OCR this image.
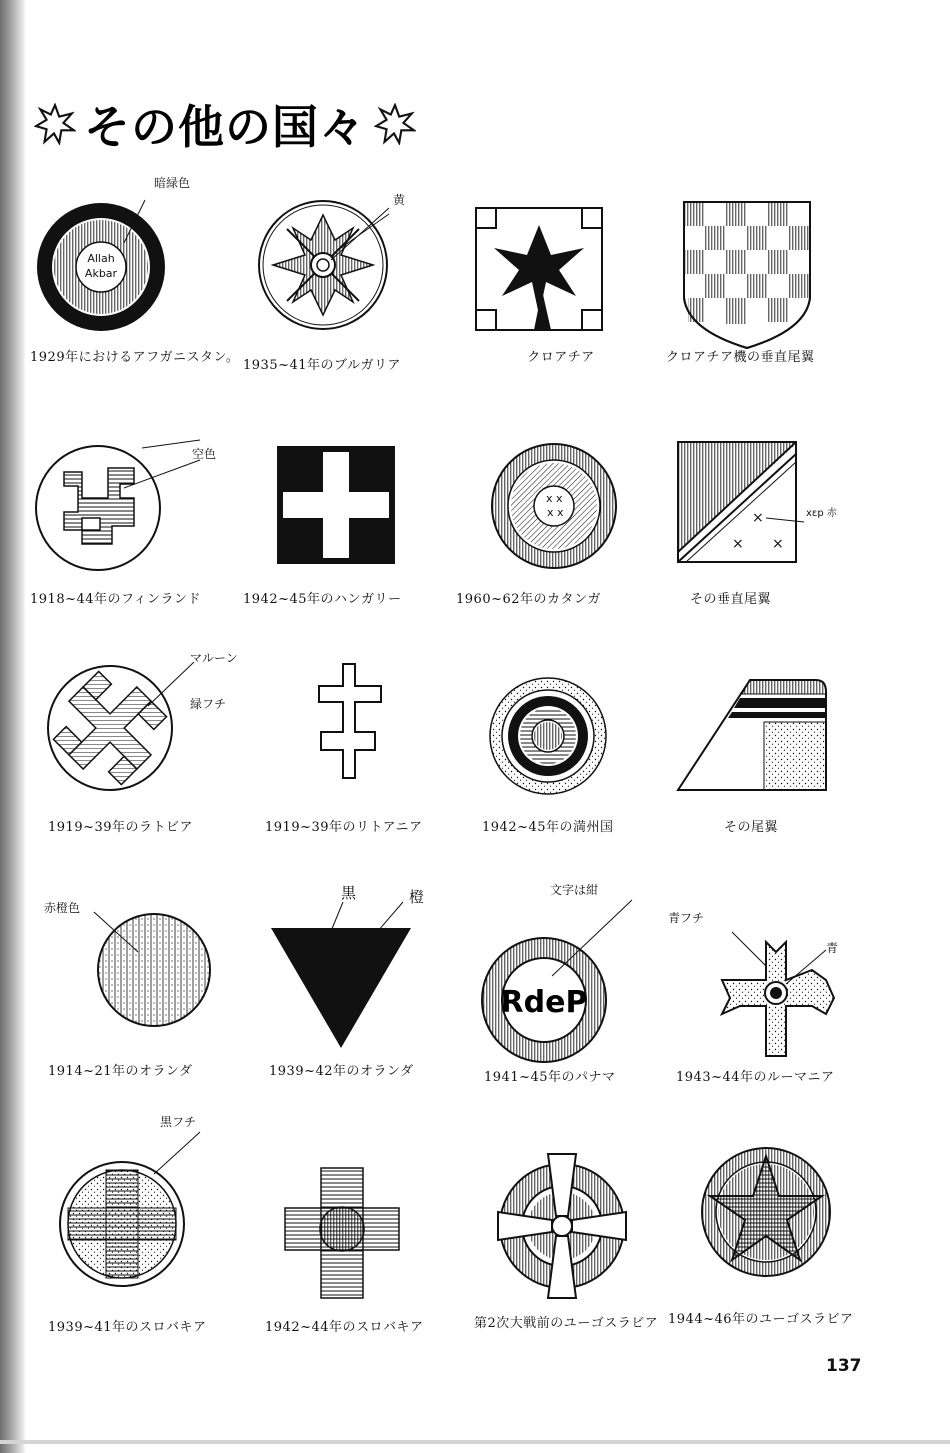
その他の国々
Allah
Akbar
暗緑色
1929年におけるアフガニスタン。
黄
1935~41年のブルガリア
クロアチア	クロアチア機の垂直尾翼
空色
1918~44年のフィンランド	1942~45年のハンガリー
x x
x x
1960~62年のカタンガ
×
× ×
xεp 赤
その垂直尾翼
マルーン
緑フチ
1919~39年のラトビア	1919~39年のリトアニア	1942~45年の満州国	その尾翼
赤橙色
1914~21年のオランダ
黒	橙
1939~42年のオランダ
RdeP
文字は紺
1941~45年のパナマ
青フチ
青
1943~44年のルーマニア
黒フチ
1939~41年のスロバキア	1942~44年のスロバキア	第2次大戦前のユーゴスラビア 1944~46年のユーゴスラビア
137
